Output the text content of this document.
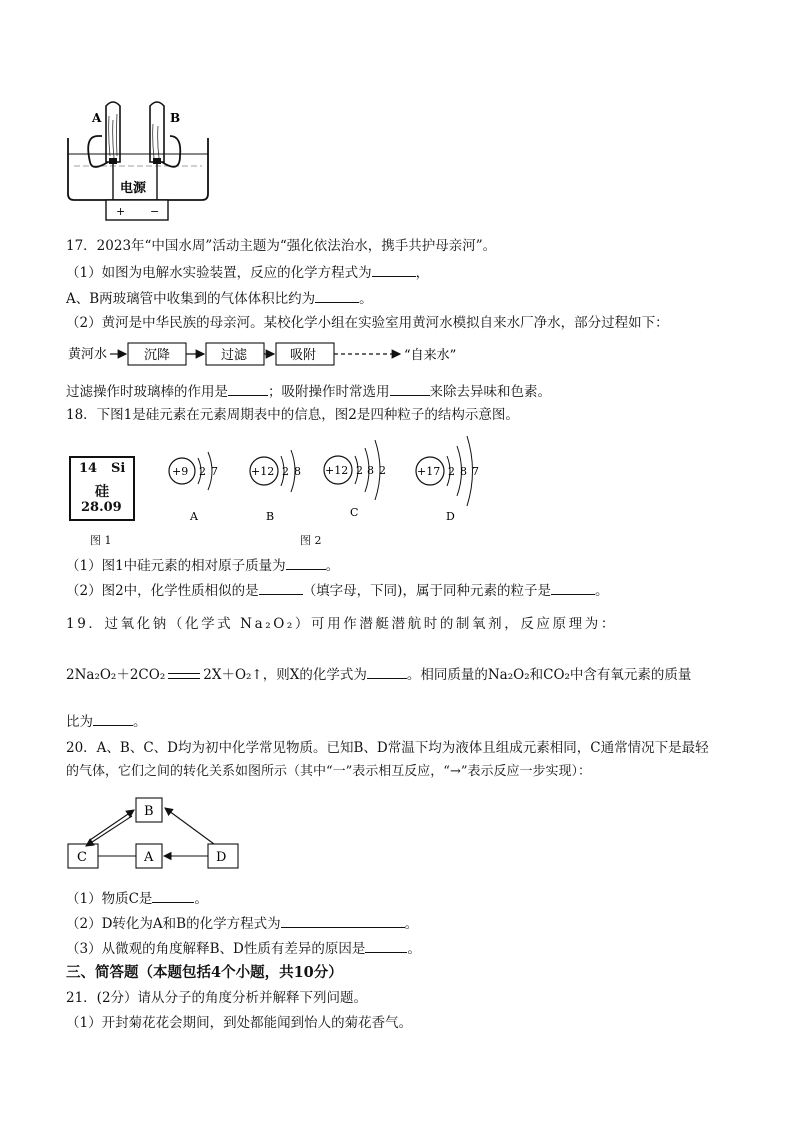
A	B
电源
+ −
17．2023年“中国水周”活动主题为“强化依法治水，携手共护母亲河”。
（1）如图为电解水实验装置，反应的化学方程式为	，
A、B两玻璃管中收集到的气体体积比约为	。
（2）黄河是中华民族的母亲河。某校化学小组在实验室用黄河水模拟自来水厂净水，部分过程如下：
黄河水	沉降	过滤	吸附	“自来水”
过滤操作时玻璃棒的作用是	；吸附操作时常选用	来除去异味和色素。
18．下图1是硅元素在元素周期表中的信息，图2是四种粒子的结构示意图。
14 Si
硅
28.09
图 1
+9 2 7
A
+12 2 8
B
+12 2 8 2
C
+17 2 8 7
D
图 2
（1）图1中硅元素的相对原子质量为	。
（2）图2中，化学性质相似的是	（填字母，下同)，属于同种元素的粒子是	。
19．过氧化钠（化学式 Na₂O₂）可用作潜艇潜航时的制氧剂，反应原理为：
2Na₂O₂＋2CO₂	2X＋O₂↑，则X的化学式为	。相同质量的Na₂O₂和CO₂中含有氧元素的质量
比为	。
20．A、B、C、D均为初中化学常见物质。已知B、D常温下均为液体且组成元素相同，C通常情况下是最轻
的气体，它们之间的转化关系如图所示（其中“一”表示相互反应，“→”表示反应一步实现）：
B
C	A	D
（1）物质C是	。
（2）D转化为A和B的化学方程式为	。
（3）从微观的角度解释B、D性质有差异的原因是	。
三、简答题（本题包括4个小题，共10分）
21．(2分）请从分子的角度分析并解释下列问题。
（1）开封菊花花会期间，到处都能闻到怡人的菊花香气。
